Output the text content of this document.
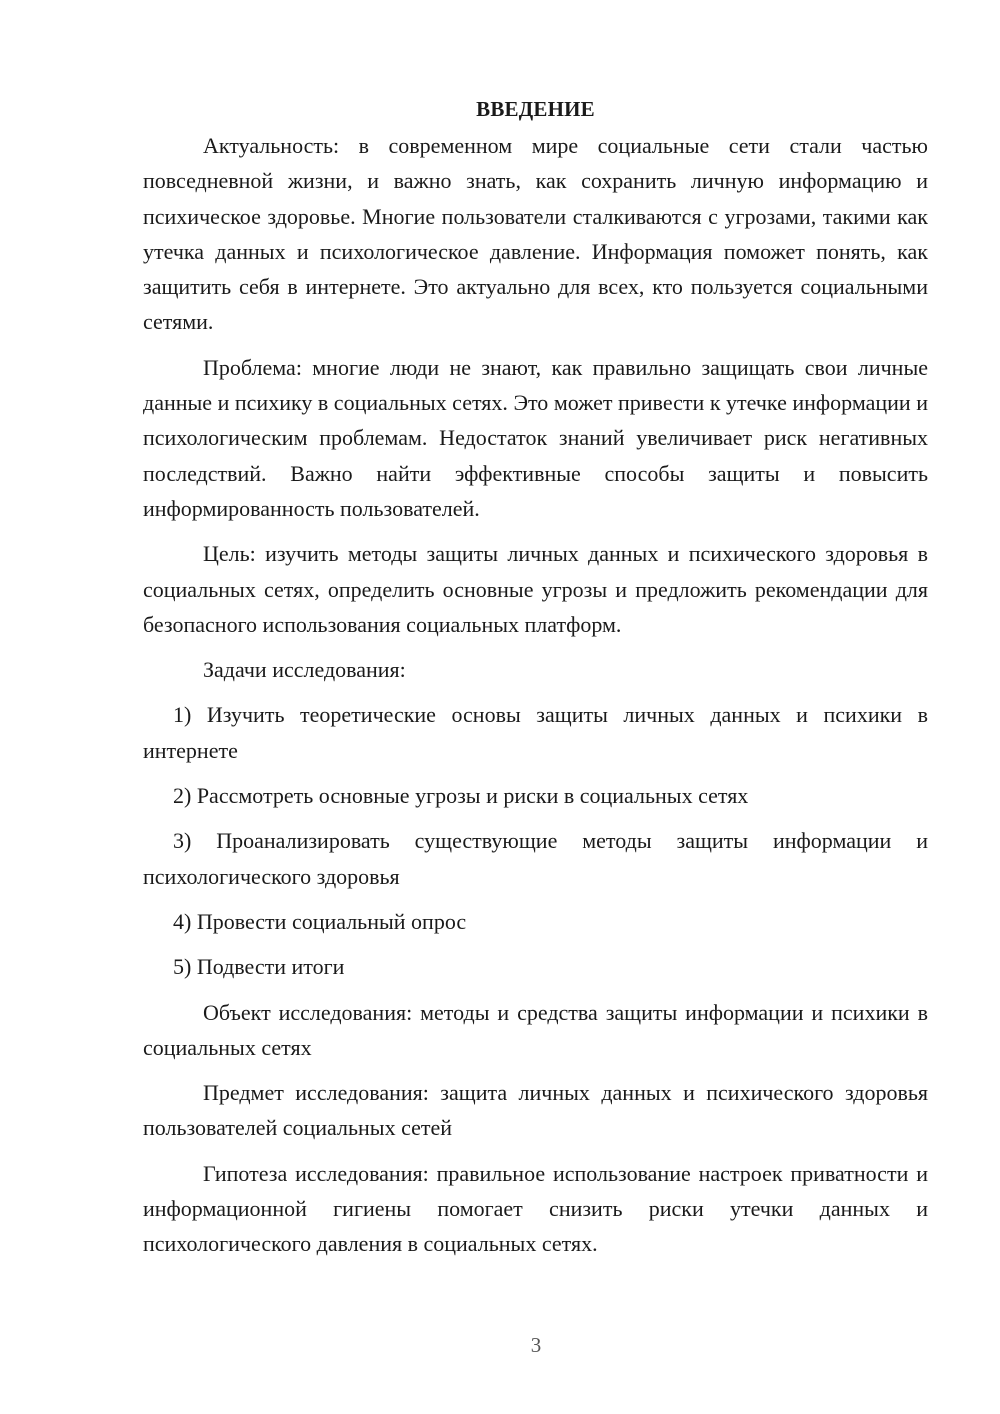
ВВЕДЕНИЕ

Актуальность: в современном мире социальные сети стали частью повседневной жизни, и важно знать, как сохранить личную информацию и психическое здоровье. Многие пользователи сталкиваются с угрозами, такими как утечка данных и психологическое давление. Информация поможет понять, как защитить себя в интернете. Это актуально для всех, кто пользуется социальными сетями.

Проблема: многие люди не знают, как правильно защищать свои личные данные и психику в социальных сетях. Это может привести к утечке информации и психологическим проблемам. Недостаток знаний увеличивает риск негативных последствий. Важно найти эффективные способы защиты и повысить информированность пользователей.

Цель: изучить методы защиты личных данных и психического здоровья в социальных сетях, определить основные угрозы и предложить рекомендации для безопасного использования социальных платформ.

Задачи исследования:

1) Изучить теоретические основы защиты личных данных и психики в интернете

2) Рассмотреть основные угрозы и риски в социальных сетях

3) Проанализировать существующие методы защиты информации и психологического здоровья

4) Провести социальный опрос

5) Подвести итоги

Объект исследования: методы и средства защиты информации и психики в социальных сетях

Предмет исследования: защита личных данных и психического здоровья пользователей социальных сетей

Гипотеза исследования: правильное использование настроек приватности и информационной гигиены помогает снизить риски утечки данных и психологического давления в социальных сетях.

3
